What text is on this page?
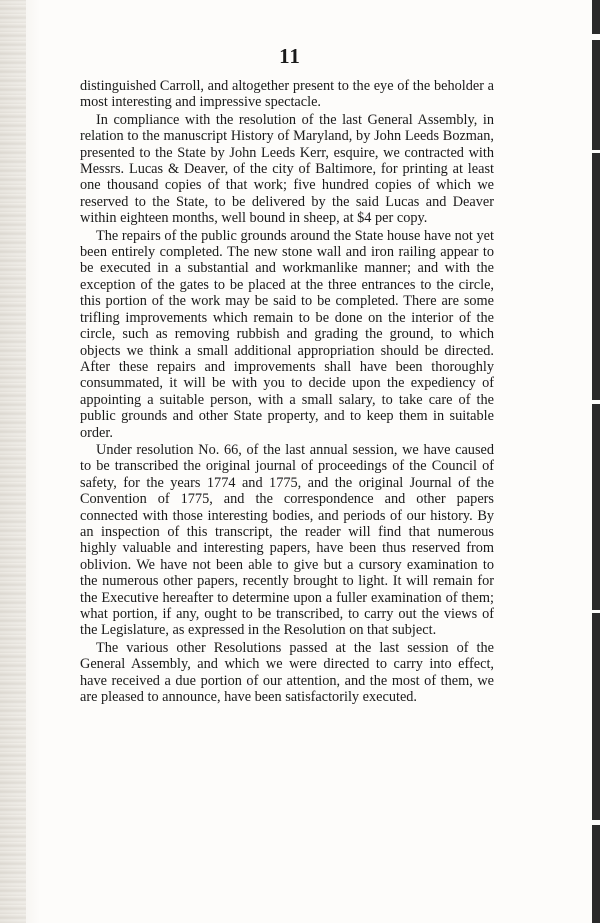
11

distinguished Carroll, and altogether present to the eye of the beholder a most interesting and impressive spectacle.

In compliance with the resolution of the last General Assembly, in relation to the manuscript History of Maryland, by John Leeds Bozman, presented to the State by John Leeds Kerr, esquire, we contracted with Messrs. Lucas & Deaver, of the city of Baltimore, for printing at least one thousand copies of that work; five hundred copies of which we reserved to the State, to be delivered by the said Lucas and Deaver within eighteen months, well bound in sheep, at $4 per copy.

The repairs of the public grounds around the State house have not yet been entirely completed. The new stone wall and iron railing appear to be executed in a substantial and workmanlike manner; and with the exception of the gates to be placed at the three entrances to the circle, this portion of the work may be said to be completed. There are some trifling improvements which remain to be done on the interior of the circle, such as removing rubbish and grading the ground, to which objects we think a small additional appropriation should be directed. After these repairs and improvements shall have been thoroughly consummated, it will be with you to decide upon the expediency of appointing a suitable person, with a small salary, to take care of the public grounds and other State property, and to keep them in suitable order.

Under resolution No. 66, of the last annual session, we have caused to be transcribed the original journal of proceedings of the Council of safety, for the years 1774 and 1775, and the original Journal of the Convention of 1775, and the correspondence and other papers connected with those interesting bodies, and periods of our history. By an inspection of this transcript, the reader will find that numerous highly valuable and interesting papers, have been thus reserved from oblivion. We have not been able to give but a cursory examination to the numerous other papers, recently brought to light. It will remain for the Executive hereafter to determine upon a fuller examination of them; what portion, if any, ought to be transcribed, to carry out the views of the Legislature, as expressed in the Resolution on that subject.

The various other Resolutions passed at the last session of the General Assembly, and which we were directed to carry into effect, have received a due portion of our attention, and the most of them, we are pleased to announce, have been satisfactorily executed.
